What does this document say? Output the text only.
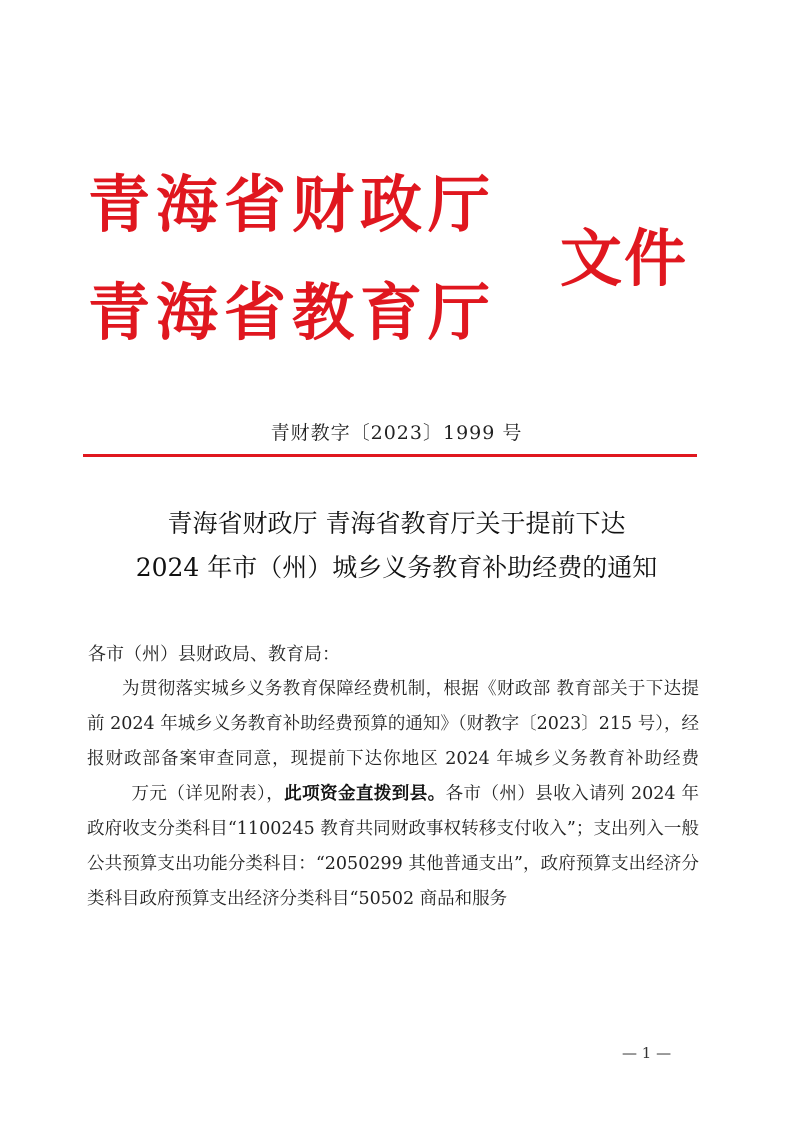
青海省财政厅
青海省教育厅
文件
青财教字〔2023〕1999 号
青海省财政厅 青海省教育厅关于提前下达
2024 年市（州）城乡义务教育补助经费的通知
各市（州）县财政局、教育局：

为贯彻落实城乡义务教育保障经费机制，根据《财政部 教育部关于下达提前 2024 年城乡义务教育补助经费预算的通知》（财教字〔2023〕215 号），经报财政部备案审查同意，现提前下达你地区 2024 年城乡义务教育补助经费万元（详见附表），此项资金直拨到县。各市（州）县收入请列 2024 年政府收支分类科目“1100245 教育共同财政事权转移支付收入”；支出列入一般公共预算支出功能分类科目：“2050299 其他普通支出”，政府预算支出经济分类科目政府预算支出经济分类科目“50502 商品和服务

— 1 —
